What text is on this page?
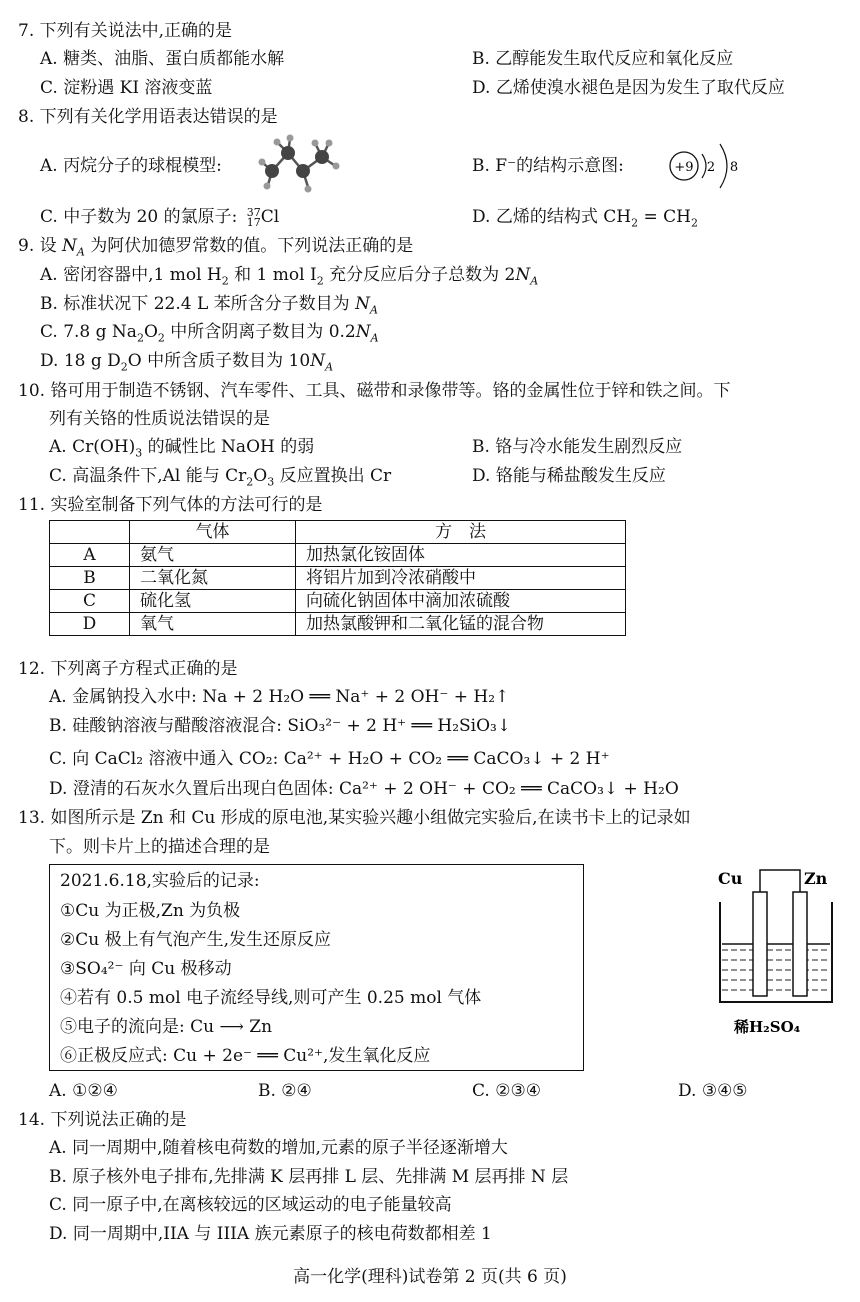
7. 下列有关说法中,正确的是
A. 糖类、油脂、蛋白质都能水解	B. 乙醇能发生取代反应和氧化反应
C. 淀粉遇 KI 溶液变蓝	D. 乙烯使溴水褪色是因为发生了取代反应
8. 下列有关化学用语表达错误的是
A. 丙烷分子的球棍模型:	B. F⁻的结构示意图:	+9 2 8
C. 中子数为 20 的氯原子: 37
17Cl	D. 乙烯的结构式 $CH_2 = CH_2$
9. 设 $N_A$ 为阿伏加德罗常数的值。下列说法正确的是
A. 密闭容器中,1 mol $H_2$ 和 1 mol $I_2$ 充分反应后分子总数为 $2N_A$
B. 标准状况下 22.4 L 苯所含分子数目为 $N_A$
C. 7.8 g $Na_2O_2$ 中所含阴离子数目为 $0.2N_A$
D. 18 g $D_2O$ 中所含质子数目为 $10N_A$
10. 铬可用于制造不锈钢、汽车零件、工具、磁带和录像带等。铬的金属性位于锌和铁之间。下
列有关铬的性质说法错误的是
A. $Cr(OH)_3$ 的碱性比 NaOH 的弱	B. 铬与冷水能发生剧烈反应
C. 高温条件下,Al 能与 $Cr_2O_3$ 反应置换出 Cr	D. 铬能与稀盐酸发生反应
11. 实验室制备下列气体的方法可行的是
	气体	方　法
A	氨气	加热氯化铵固体
B	二氧化氮	将铝片加到冷浓硝酸中
C	硫化氢	向硫化钠固体中滴加浓硫酸
D	氧气	加热氯酸钾和二氧化锰的混合物
12. 下列离子方程式正确的是
A. 金属钠投入水中: Na + 2 H₂O ══ Na⁺ + 2 OH⁻ + H₂↑
B. 硅酸钠溶液与醋酸溶液混合: SiO₃²⁻ + 2 H⁺ ══ H₂SiO₃↓
C. 向 CaCl₂ 溶液中通入 CO₂: Ca²⁺ + H₂O + CO₂ ══ CaCO₃↓ + 2 H⁺
D. 澄清的石灰水久置后出现白色固体: Ca²⁺ + 2 OH⁻ + CO₂ ══ CaCO₃↓ + H₂O
13. 如图所示是 Zn 和 Cu 形成的原电池,某实验兴趣小组做完实验后,在读书卡上的记录如
下。则卡片上的描述合理的是
2021.6.18,实验后的记录:
①Cu 为正极,Zn 为负极
②Cu 极上有气泡产生,发生还原反应
③SO₄²⁻ 向 Cu 极移动
④若有 0.5 mol 电子流经导线,则可产生 0.25 mol 气体
⑤电子的流向是: Cu ⟶ Zn
⑥正极反应式: Cu + 2e⁻ ══ Cu²⁺,发生氧化反应
Cu	Zn
稀H₂SO₄
A. ①②④	B. ②④	C. ②③④	D. ③④⑤
14. 下列说法正确的是
A. 同一周期中,随着核电荷数的增加,元素的原子半径逐渐增大
B. 原子核外电子排布,先排满 K 层再排 L 层、先排满 M 层再排 N 层
C. 同一原子中,在离核较远的区域运动的电子能量较高
D. 同一周期中,IIA 与 IIIA 族元素原子的核电荷数都相差 1
高一化学(理科)试卷第 2 页(共 6 页)
